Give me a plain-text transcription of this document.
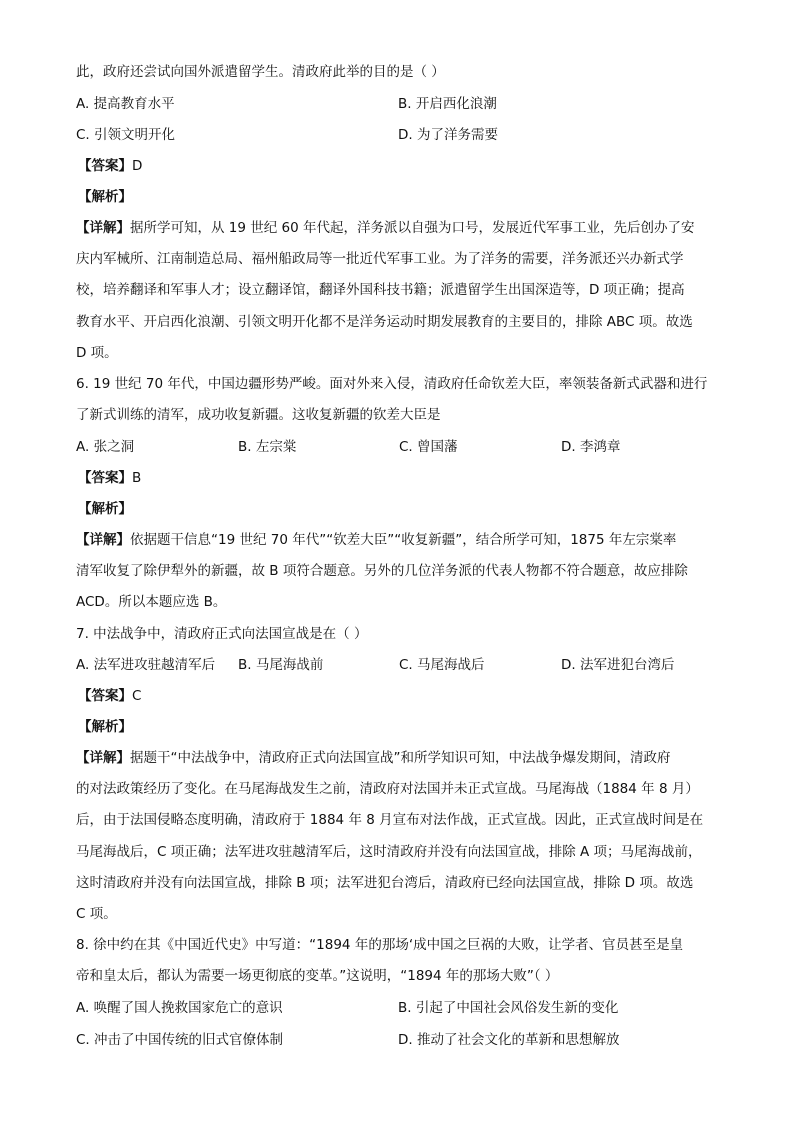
此，政府还尝试向国外派遣留学生。清政府此举的目的是（ ）
A. 提高教育水平	B. 开启西化浪潮
C. 引领文明开化	D. 为了洋务需要
【答案】D
【解析】
【详解】据所学可知，从 19 世纪 60 年代起，洋务派以自强为口号，发展近代军事工业，先后创办了安
庆内军械所、江南制造总局、福州船政局等一批近代军事工业。为了洋务的需要，洋务派还兴办新式学
校，培养翻译和军事人才；设立翻译馆，翻译外国科技书籍；派遣留学生出国深造等，D 项正确；提高
教育水平、开启西化浪潮、引领文明开化都不是洋务运动时期发展教育的主要目的，排除 ABC 项。故选
D 项。
6. 19 世纪 70 年代，中国边疆形势严峻。面对外来入侵，清政府任命钦差大臣，率领装备新式武器和进行
了新式训练的清军，成功收复新疆。这收复新疆的钦差大臣是
A. 张之洞	B. 左宗棠	C. 曾国藩	D. 李鸿章
【答案】B
【解析】
【详解】依据题干信息“19 世纪 70 年代”“钦差大臣”“收复新疆”，结合所学可知，1875 年左宗棠率
清军收复了除伊犁外的新疆，故 B 项符合题意。另外的几位洋务派的代表人物都不符合题意，故应排除
ACD。所以本题应选 B。
7. 中法战争中，清政府正式向法国宣战是在（ ）
A. 法军进攻驻越清军后 B. 马尾海战前	C. 马尾海战后	D. 法军进犯台湾后
【答案】C
【解析】
【详解】据题干“中法战争中，清政府正式向法国宣战”和所学知识可知，中法战争爆发期间，清政府
的对法政策经历了变化。在马尾海战发生之前，清政府对法国并未正式宣战。马尾海战（1884 年 8 月）
后，由于法国侵略态度明确，清政府于 1884 年 8 月宣布对法作战，正式宣战。因此，正式宣战时间是在
马尾海战后，C 项正确；法军进攻驻越清军后，这时清政府并没有向法国宣战，排除 A 项；马尾海战前，
这时清政府并没有向法国宣战，排除 B 项；法军进犯台湾后，清政府已经向法国宣战，排除 D 项。故选
C 项。
8. 徐中约在其《中国近代史》中写道：“1894 年的那场‘成中国之巨祸的大败，让学者、官员甚至是皇
帝和皇太后，都认为需要一场更彻底的变革。”这说明，“1894 年的那场大败”（ ）
A. 唤醒了国人挽救国家危亡的意识	B. 引起了中国社会风俗发生新的变化
C. 冲击了中国传统的旧式官僚体制	D. 推动了社会文化的革新和思想解放
